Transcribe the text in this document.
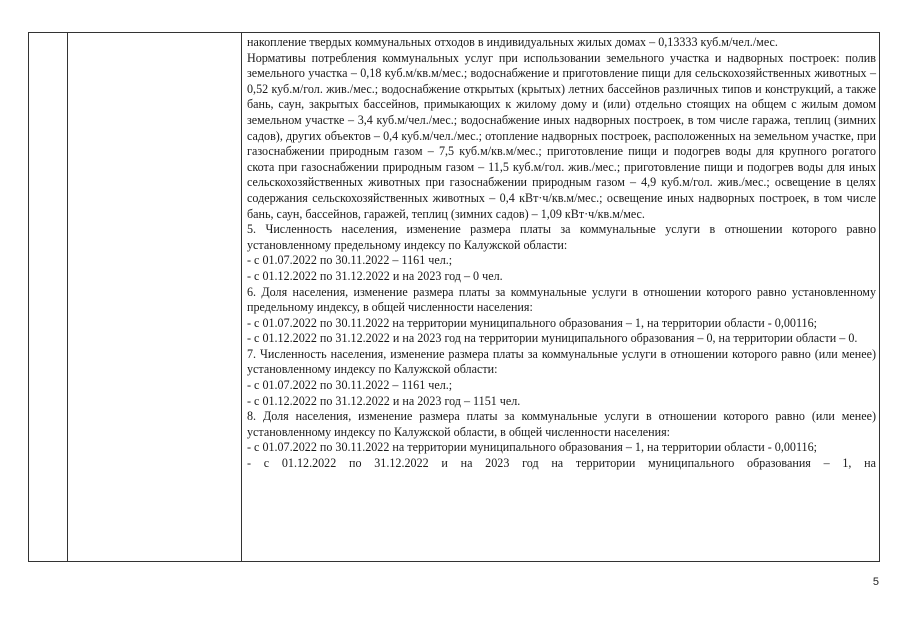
накопление твердых коммунальных отходов в индивидуальных жилых домах – 0,13333 куб.м/чел./мес.

Нормативы потребления коммунальных услуг при использовании земельного участка и надворных построек: полив земельного участка – 0,18 куб.м/кв.м/мес.; водоснабжение и приготовление пищи для сельскохозяйственных животных – 0,52 куб.м/гол. жив./мес.; водоснабжение открытых (крытых) летних бассейнов различных типов и конструкций, а также бань, саун, закрытых бассейнов, примыкающих к жилому дому и (или) отдельно стоящих на общем с жилым домом земельном участке – 3,4 куб.м/чел./мес.; водоснабжение иных надворных построек, в том числе гаража, теплиц (зимних садов), других объектов – 0,4 куб.м/чел./мес.; отопление надворных построек, расположенных на земельном участке, при газоснабжении природным газом – 7,5 куб.м/кв.м/мес.; приготовление пищи и подогрев воды для крупного рогатого скота при газоснабжении природным газом – 11,5 куб.м/гол. жив./мес.; приготовление пищи и подогрев воды для иных сельскохозяйственных животных при газоснабжении природным газом – 4,9 куб.м/гол. жив./мес.; освещение в целях содержания сельскохозяйственных животных – 0,4 кВт·ч/кв.м/мес.; освещение иных надворных построек, в том числе бань, саун, бассейнов, гаражей, теплиц (зимних садов) – 1,09 кВт·ч/кв.м/мес.

5. Численность населения, изменение размера платы за коммунальные услуги в отношении которого равно установленному предельному индексу по Калужской области:

- с 01.07.2022 по 30.11.2022 – 1161 чел.;

- с 01.12.2022 по 31.12.2022 и на 2023 год – 0 чел.

6. Доля населения, изменение размера платы за коммунальные услуги в отношении которого равно установленному предельному индексу, в общей численности населения:

- с 01.07.2022 по 30.11.2022 на территории муниципального образования – 1, на территории области - 0,00116;

- с 01.12.2022 по 31.12.2022 и на 2023 год на территории муниципального образования – 0, на территории области – 0.

7. Численность населения, изменение размера платы за коммунальные услуги в отношении которого равно (или менее) установленному индексу по Калужской области:

- с 01.07.2022 по 30.11.2022 – 1161 чел.;

- с 01.12.2022 по 31.12.2022 и на 2023 год – 1151 чел.

8. Доля населения, изменение размера платы за коммунальные услуги в отношении которого равно (или менее) установленному индексу по Калужской области, в общей численности населения:

- с 01.07.2022 по 30.11.2022 на территории муниципального образования – 1, на территории области - 0,00116;

- с 01.12.2022 по 31.12.2022 и на 2023 год на территории муниципального образования – 1, на

5
